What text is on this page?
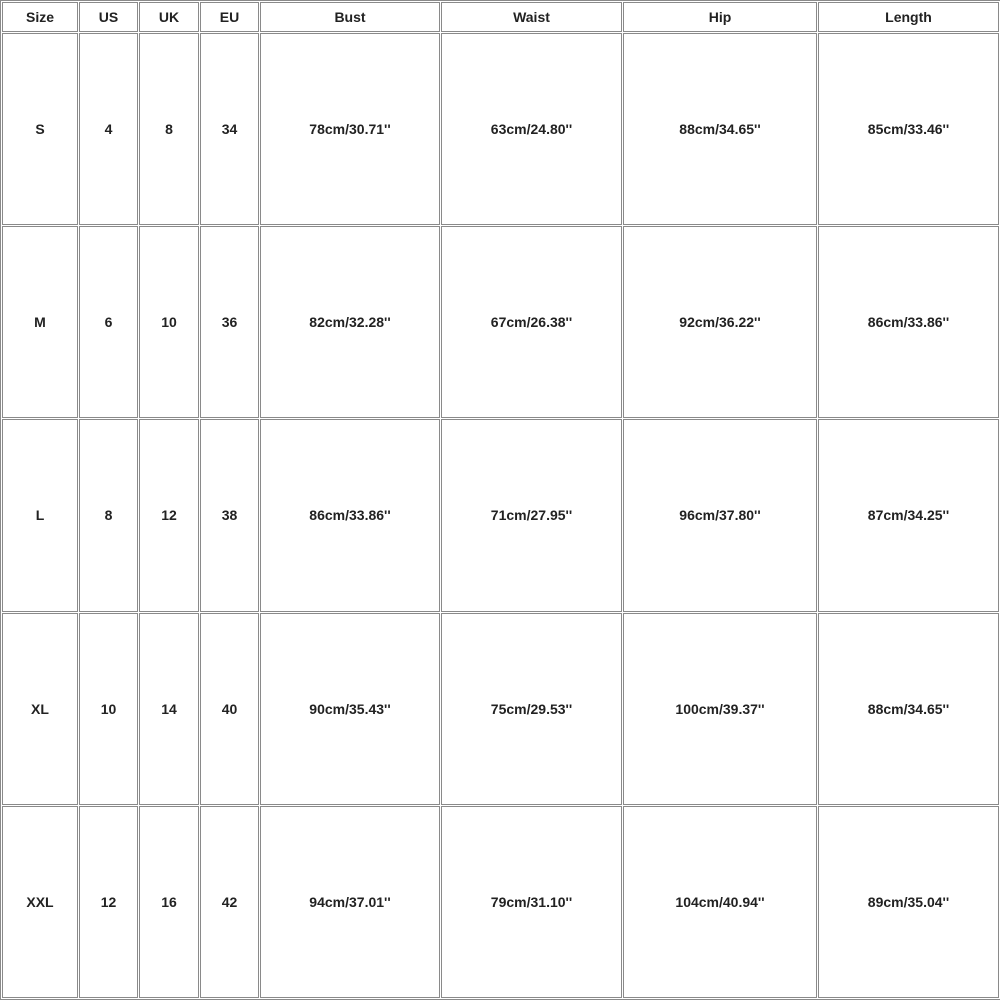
Size	US	UK	EU	Bust	Waist	Hip	Length
S	4	8	34	78cm/30.71''	63cm/24.80''	88cm/34.65''	85cm/33.46''
M	6	10	36	82cm/32.28''	67cm/26.38''	92cm/36.22''	86cm/33.86''
L	8	12	38	86cm/33.86''	71cm/27.95''	96cm/37.80''	87cm/34.25''
XL	10	14	40	90cm/35.43''	75cm/29.53''	100cm/39.37''	88cm/34.65''
XXL	12	16	42	94cm/37.01''	79cm/31.10''	104cm/40.94''	89cm/35.04''
